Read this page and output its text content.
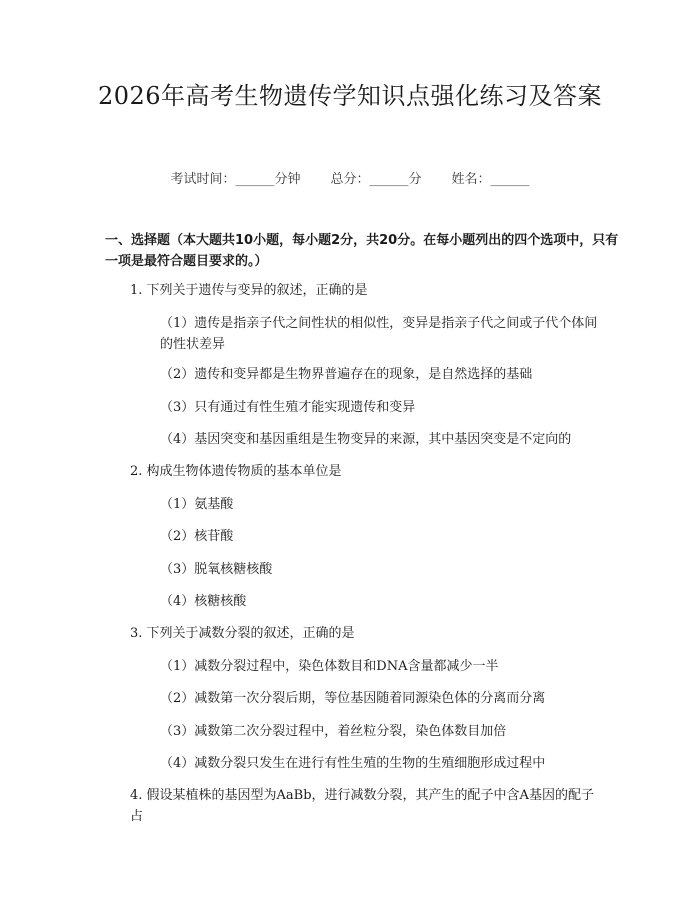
2026年高考生物遗传学知识点强化练习及答案
考试时间：______分钟 总分：______分 姓名：______
一、选择题（本大题共10小题，每小题2分，共20分。在每小题列出的四个选项中，只有一项是最符合题目要求的。）
1. 下列关于遗传与变异的叙述，正确的是
（1）遗传是指亲子代之间性状的相似性，变异是指亲子代之间或子代个体间的性状差异
（2）遗传和变异都是生物界普遍存在的现象，是自然选择的基础
（3）只有通过有性生殖才能实现遗传和变异
（4）基因突变和基因重组是生物变异的来源，其中基因突变是不定向的
2. 构成生物体遗传物质的基本单位是
（1）氨基酸
（2）核苷酸
（3）脱氧核糖核酸
（4）核糖核酸
3. 下列关于减数分裂的叙述，正确的是
（1）减数分裂过程中，染色体数目和DNA含量都减少一半
（2）减数第一次分裂后期，等位基因随着同源染色体的分离而分离
（3）减数第二次分裂过程中，着丝粒分裂，染色体数目加倍
（4）减数分裂只发生在进行有性生殖的生物的生殖细胞形成过程中
4. 假设某植株的基因型为AaBb，进行减数分裂，其产生的配子中含A基因的配子占
